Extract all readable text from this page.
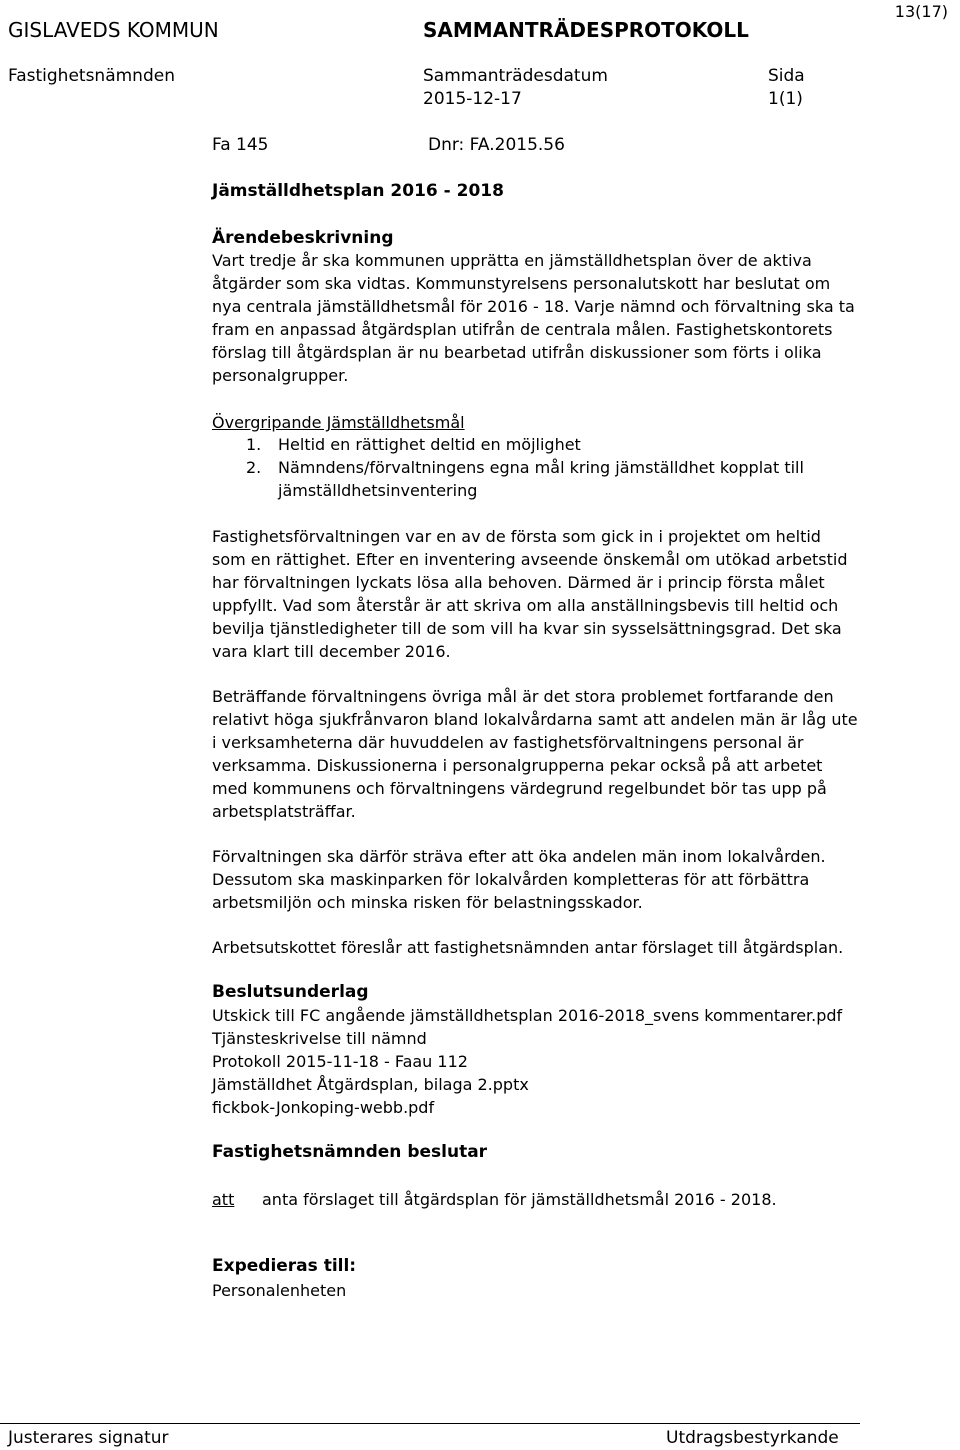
13(17)
GISLAVEDS KOMMUN	SAMMANTRÄDESPROTOKOLL
Fastighetsnämnden	Sammanträdesdatum	Sida
2015-12-17	1(1)
Fa 145	Dnr: FA.2015.56
Jämställdhetsplan 2016 - 2018
Ärendebeskrivning
Vart tredje år ska kommunen upprätta en jämställdhetsplan över de aktiva
åtgärder som ska vidtas. Kommunstyrelsens personalutskott har beslutat om
nya centrala jämställdhetsmål för 2016 - 18. Varje nämnd och förvaltning ska ta
fram en anpassad åtgärdsplan utifrån de centrala målen. Fastighetskontorets
förslag till åtgärdsplan är nu bearbetad utifrån diskussioner som förts i olika
personalgrupper.
Övergripande Jämställdhetsmål
1. Heltid en rättighet deltid en möjlighet
2. Nämndens/förvaltningens egna mål kring jämställdhet kopplat till
jämställdhetsinventering
Fastighetsförvaltningen var en av de första som gick in i projektet om heltid
som en rättighet. Efter en inventering avseende önskemål om utökad arbetstid
har förvaltningen lyckats lösa alla behoven. Därmed är i princip första målet
uppfyllt. Vad som återstår är att skriva om alla anställningsbevis till heltid och
bevilja tjänstledigheter till de som vill ha kvar sin sysselsättningsgrad. Det ska
vara klart till december 2016.
Beträffande förvaltningens övriga mål är det stora problemet fortfarande den
relativt höga sjukfrånvaron bland lokalvårdarna samt att andelen män är låg ute
i verksamheterna där huvuddelen av fastighetsförvaltningens personal är
verksamma. Diskussionerna i personalgrupperna pekar också på att arbetet
med kommunens och förvaltningens värdegrund regelbundet bör tas upp på
arbetsplatsträffar.
Förvaltningen ska därför sträva efter att öka andelen män inom lokalvården.
Dessutom ska maskinparken för lokalvården kompletteras för att förbättra
arbetsmiljön och minska risken för belastningsskador.
Arbetsutskottet föreslår att fastighetsnämnden antar förslaget till åtgärdsplan.
Beslutsunderlag
Utskick till FC angående jämställdhetsplan 2016-2018_svens kommentarer.pdf
Tjänsteskrivelse till nämnd
Protokoll 2015-11-18 - Faau 112
Jämställdhet Åtgärdsplan, bilaga 2.pptx
fickbok-Jonkoping-webb.pdf
Fastighetsnämnden beslutar
att anta förslaget till åtgärdsplan för jämställdhetsmål 2016 - 2018.
Expedieras till:
Personalenheten
Justerares signatur	Utdragsbestyrkande
